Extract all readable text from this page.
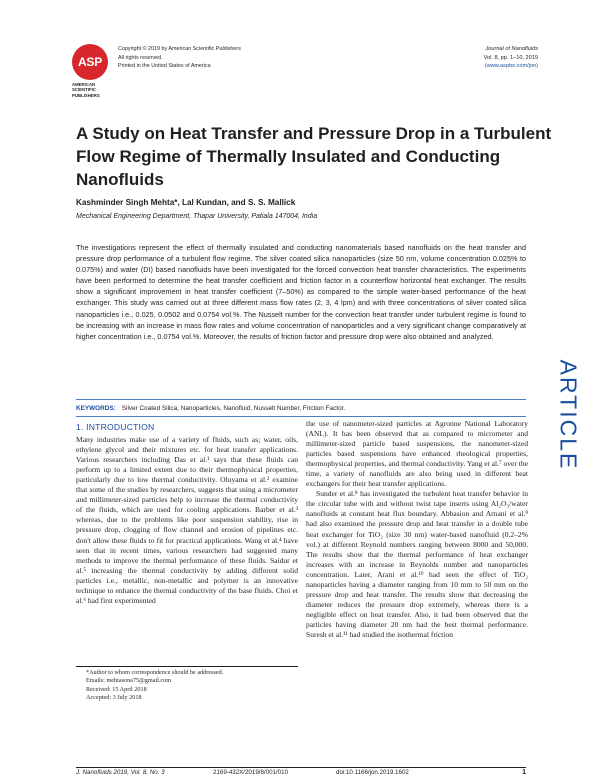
ASP
AMERICAN
SCIENTIFIC
PUBLISHERS
Copyright © 2019 by American Scientific Publishers
All rights reserved.
Printed in the United States of America
Journal of Nanofluids
Vol. 8, pp. 1–10, 2019
(www.aspbs.com/jon)
A Study on Heat Transfer and Pressure Drop in a Turbulent Flow Regime of Thermally Insulated and Conducting Nanofluids
Kashminder Singh Mehta*, Lal Kundan, and S. S. Mallick
Mechanical Engineering Department, Thapar University, Patiala 147004, India

The investigations represent the effect of thermally insulated and conducting nanomaterials based nanofluids on the heat transfer and pressure drop performance of a turbulent flow regime. The silver coated silica nanoparticles (size 50 nm, volume concentration 0.025% to 0.075%) and water (DI) based nanofluids have been investigated for the forced convection heat transfer characteristics. The experiments have been performed to determine the heat transfer coefficient and friction factor in a counterflow horizontal heat exchanger. The results show a significant improvement in heat transfer coefficient (7–50%) as compared to the simple water-based performance of the heat exchanger. This study was carried out at three different mass flow rates (2, 3, 4 lpm) and with three concentrations of silver coated silica nanoparticles i.e., 0.025, 0.0502 and 0.0754 vol.%. The Nusselt number for the convection heat transfer under turbulent regime is found to be increasing with an increase in mass flow rates and volume concentration of nanoparticles and a very significant change comparatively at higher concentration i.e., 0.0754 vol.%. Moreover, the results of friction factor and pressure drop were also obtained and analyzed.

KEYWORDS: Silver Coated Silica, Nanoparticles, Nanofluid, Nusselt Number, Friction Factor.	ARTICLE
1. INTRODUCTION

Many industries make use of a variety of fluids, such as; water, oils, ethylene glycol and their mixtures etc. for heat transfer applications. Various researchers including Das et al.¹ says that these fluids can perform up to a limited extent due to their thermophysical properties, particularly due to low thermal conductivity. Oluyama et al.² examine that some of the studies by researchers, suggests that using a micrometer and millimeter-sized particles help to increase the thermal conductivity of the fluids, which are used for cooling applications. Barber et al.³ whereas, due to the problems like poor suspension stability, rise in pressure drop, clogging of flow channel and erosion of pipelines etc. don't allow these fluids to fit for practical applications. Wang et al.⁴ have seen that in recent times, various researchers had suggested many methods to improve the thermal performance of these fluids. Saidur et al.⁵ increasing the thermal conductivity by adding different solid particles i.e., metallic, non-metallic and polymer is an innovative technique to enhance the thermal conductivity of the base fluids. Choi et al.⁶ had first experimented

the use of nanometer-sized particles at Agronne National Laboratory (ANL). It has been observed that as compared to micrometer and millimeter-sized particle based suspensions, the nanometer-sized particles based suspensions have enhanced rheological properties, thermophysical properties, and thermal conductivity. Yang et al.⁷ over the time, a variety of nanofluids are also being used in different heat exchangers for their heat transfer applications.

Sunder et al.⁸ has investigated the turbulent heat transfer behavior in the circular tube with and without twist tape inserts using Al₂O₃/water nanofluids at constant heat flux boundary. Abbasion and Arnani et al.⁹ had also examined the pressure drop and heat transfer in a double tube heat exchanger for TiO₂ (size 30 nm) water-based nanofluid (0.2–2% vol.) at different Reynold numbers ranging between 8000 and 50,000. The results show that the thermal performance of heat exchanger increases with an increase in Reynolds number and nanoparticles concentration. Later, Arani et al.¹⁰ had seen the effect of TiO₂ nanoparticles having a diameter ranging from 10 mm to 50 mm on the pressure drop and heat transfer. The results show that decreasing the diameter reduces the pressure drop extremely, whereas there is a negligible effect on heat transfer. Also, it had been observed that the particles having diameter 20 nm had the best thermal performance. Suresh et al.¹¹ had studied the isothermal friction

*Author to whom correspondence should be addressed.
Emails: mehtasona75@gmail.com
Received: 15 April 2018
Accepted: 3 July 2018
J. Nanofluids 2019, Vol. 8, No. 3	2169-432X/2019/8/001/010	doi:10.1166/jon.2019.1602	1
